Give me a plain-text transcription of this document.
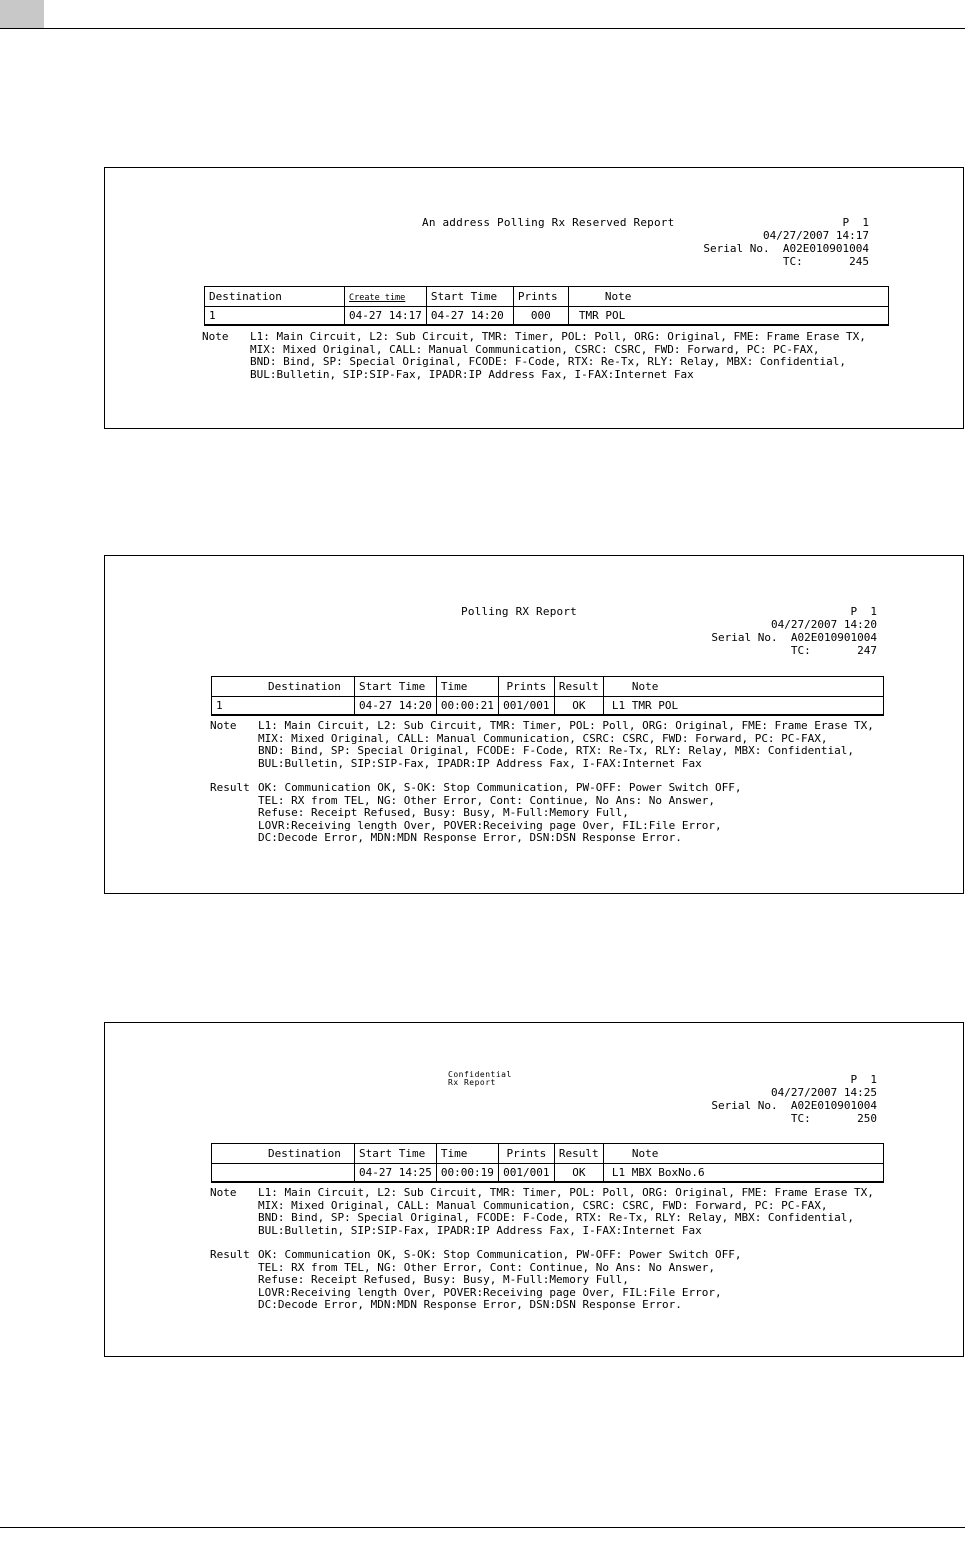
An address Polling Rx Reserved Report	P  1
04/27/2007 14:17
Serial No. A02E010901004
TC:	245
Destination	Create time	Start Time	Prints	Note
1	04-27 14:17	04-27 14:20	000	TMR POL
Note	L1: Main Circuit, L2: Sub Circuit, TMR: Timer, POL: Poll, ORG: Original, FME: Frame Erase TX,
MIX: Mixed Original, CALL: Manual Communication, CSRC: CSRC, FWD: Forward, PC: PC-FAX,
BND: Bind, SP: Special Original, FCODE: F-Code, RTX: Re-Tx, RLY: Relay, MBX: Confidential,
BUL:Bulletin, SIP:SIP-Fax, IPADR:IP Address Fax, I-FAX:Internet Fax
Polling RX Report	P  1
04/27/2007 14:20
Serial No. A02E010901004
TC:	247
Destination	Start Time	Time	Prints	Result	Note
1	04-27 14:20	00:00:21	001/001	OK	L1 TMR POL
Note	L1: Main Circuit, L2: Sub Circuit, TMR: Timer, POL: Poll, ORG: Original, FME: Frame Erase TX,
MIX: Mixed Original, CALL: Manual Communication, CSRC: CSRC, FWD: Forward, PC: PC-FAX,
BND: Bind, SP: Special Original, FCODE: F-Code, RTX: Re-Tx, RLY: Relay, MBX: Confidential,
BUL:Bulletin, SIP:SIP-Fax, IPADR:IP Address Fax, I-FAX:Internet Fax
Result OK: Communication OK, S-OK: Stop Communication, PW-OFF: Power Switch OFF,
TEL: RX from TEL, NG: Other Error, Cont: Continue, No Ans: No Answer,
Refuse: Receipt Refused, Busy: Busy, M-Full:Memory Full,
LOVR:Receiving length Over, POVER:Receiving page Over, FIL:File Error,
DC:Decode Error, MDN:MDN Response Error, DSN:DSN Response Error.
Confidential
Rx Report	P  1
04/27/2007 14:25
Serial No. A02E010901004
TC:	250
Destination	Start Time	Time	Prints	Result	Note
	04-27 14:25	00:00:19	001/001	OK	L1 MBX BoxNo.6
Note	L1: Main Circuit, L2: Sub Circuit, TMR: Timer, POL: Poll, ORG: Original, FME: Frame Erase TX,
MIX: Mixed Original, CALL: Manual Communication, CSRC: CSRC, FWD: Forward, PC: PC-FAX,
BND: Bind, SP: Special Original, FCODE: F-Code, RTX: Re-Tx, RLY: Relay, MBX: Confidential,
BUL:Bulletin, SIP:SIP-Fax, IPADR:IP Address Fax, I-FAX:Internet Fax
Result OK: Communication OK, S-OK: Stop Communication, PW-OFF: Power Switch OFF,
TEL: RX from TEL, NG: Other Error, Cont: Continue, No Ans: No Answer,
Refuse: Receipt Refused, Busy: Busy, M-Full:Memory Full,
LOVR:Receiving length Over, POVER:Receiving page Over, FIL:File Error,
DC:Decode Error, MDN:MDN Response Error, DSN:DSN Response Error.
